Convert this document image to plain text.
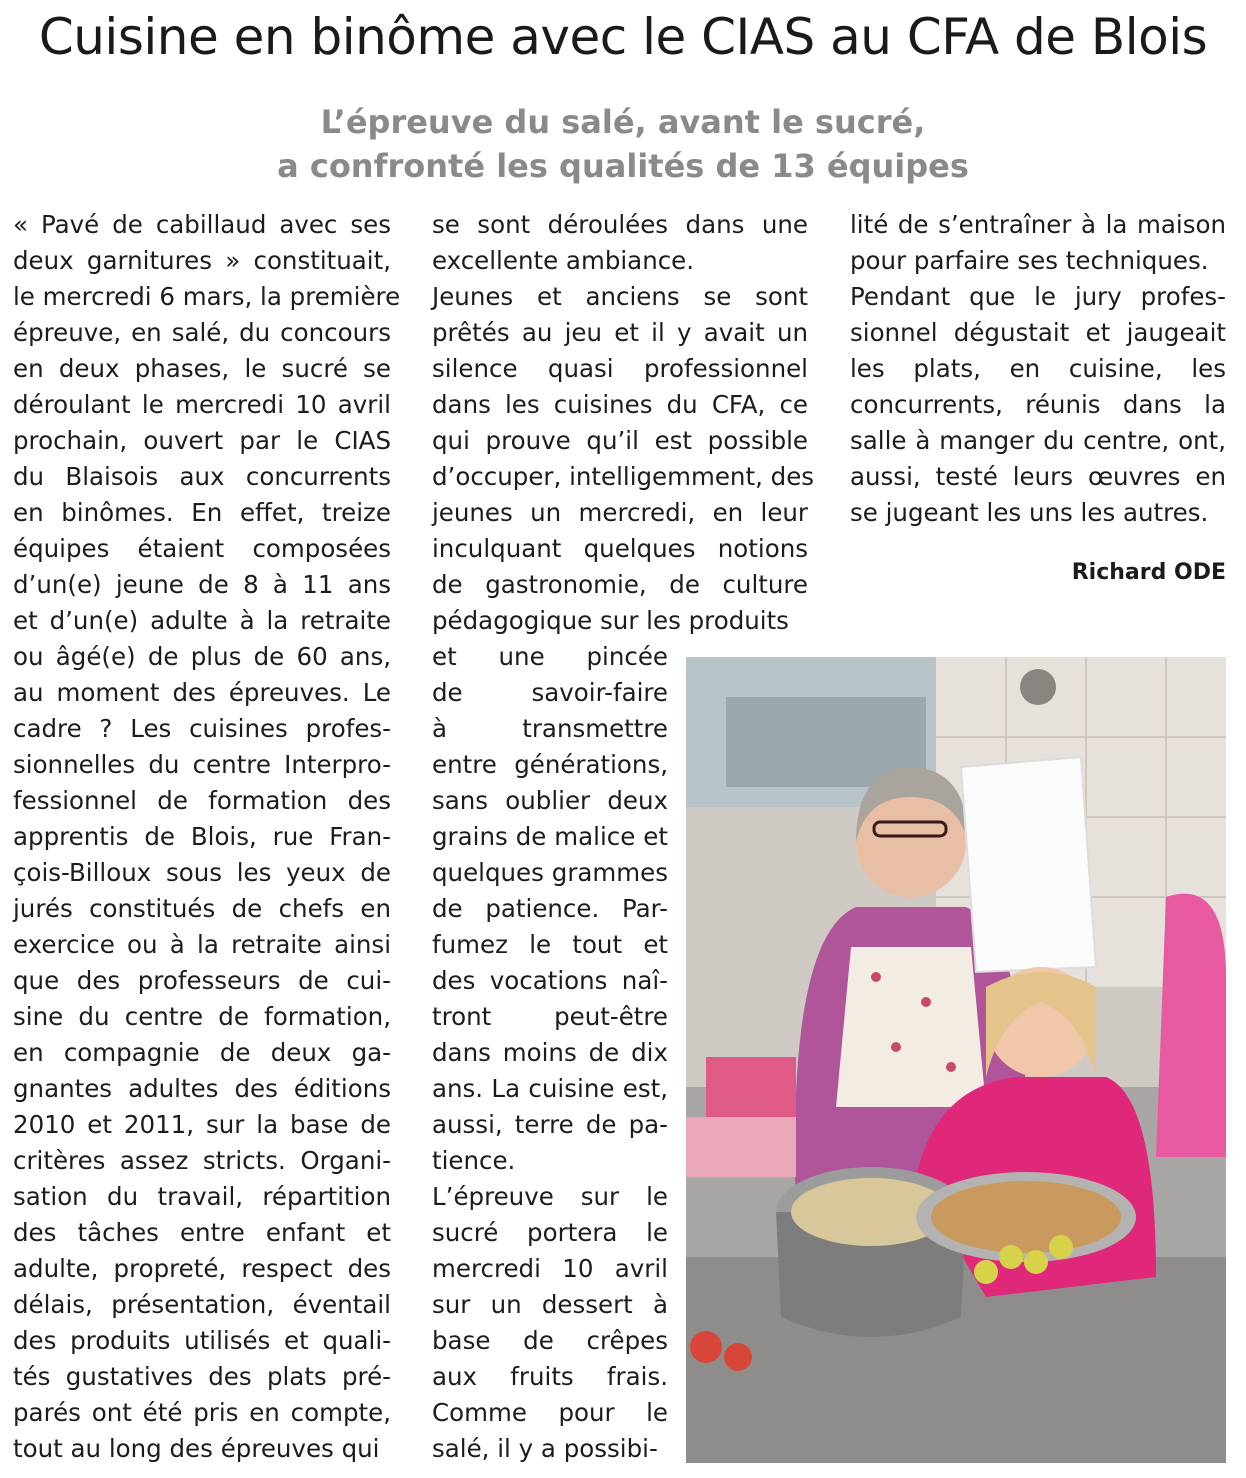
Cuisine en binôme avec le CIAS au CFA de Blois
L’épreuve du salé, avant le sucré,
a confronté les qualités de 13 équipes
« Pavé de cabillaud avec ses
deux garnitures » constituait,
le mercredi 6 mars, la première
épreuve, en salé, du concours
en deux phases, le sucré se
déroulant le mercredi 10 avril
prochain, ouvert par le CIAS
du Blaisois aux concurrents
en binômes. En effet, treize
équipes étaient composées
d’un(e) jeune de 8 à 11 ans
et d’un(e) adulte à la retraite
ou âgé(e) de plus de 60 ans,
au moment des épreuves. Le
cadre ? Les cuisines profes-
sionnelles du centre Interpro-
fessionnel de formation des
apprentis de Blois, rue Fran-
çois-Billoux sous les yeux de
jurés constitués de chefs en
exercice ou à la retraite ainsi
que des professeurs de cui-
sine du centre de formation,
en compagnie de deux ga-
gnantes adultes des éditions
2010 et 2011, sur la base de
critères assez stricts. Organi-
sation du travail, répartition
des tâches entre enfant et
adulte, propreté, respect des
délais, présentation, éventail
des produits utilisés et quali-
tés gustatives des plats pré-
parés ont été pris en compte,
tout au long des épreuves qui
se sont déroulées dans une
excellente ambiance.
Jeunes et anciens se sont
prêtés au jeu et il y avait un
silence quasi professionnel
dans les cuisines du CFA, ce
qui prouve qu’il est possible
d’occuper, intelligemment, des
jeunes un mercredi, en leur
inculquant quelques notions
de gastronomie, de culture
pédagogique sur les produits
et une pincée
de savoir-faire
à transmettre
entre générations,
sans oublier deux
grains de malice et
quelques grammes
de patience. Par-
fumez le tout et
des vocations naî-
tront peut-être
dans moins de dix
ans. La cuisine est,
aussi, terre de pa-
tience.
L’épreuve sur le
sucré portera le
mercredi 10 avril
sur un dessert à
base de crêpes
aux fruits frais.
Comme pour le
salé, il y a possibi-
lité de s’entraîner à la maison
pour parfaire ses techniques.
Pendant que le jury profes-
sionnel dégustait et jaugeait
les plats, en cuisine, les
concurrents, réunis dans la
salle à manger du centre, ont,
aussi, testé leurs œuvres en
se jugeant les uns les autres.
Richard ODE
